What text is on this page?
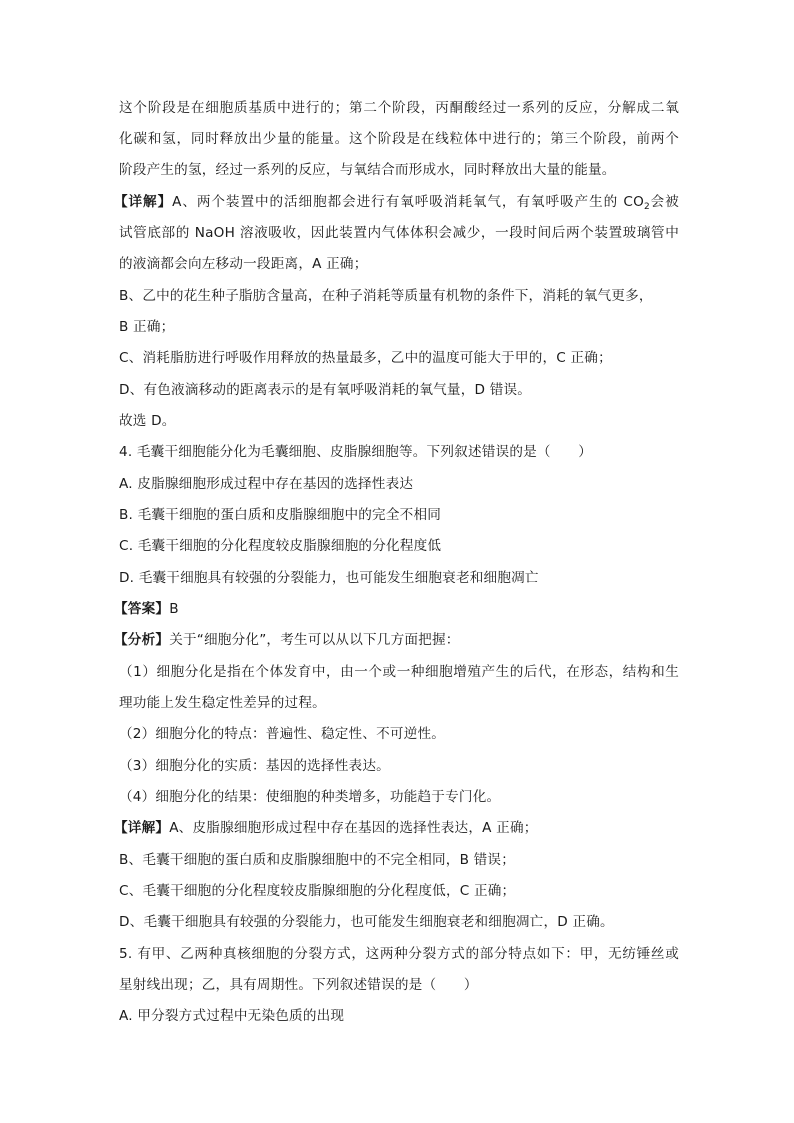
这个阶段是在细胞质基质中进行的；第二个阶段，丙酮酸经过一系列的反应，分解成二氧
化碳和氢，同时释放出少量的能量。这个阶段是在线粒体中进行的；第三个阶段，前两个
阶段产生的氢，经过一系列的反应，与氧结合而形成水，同时释放出大量的能量。
【详解】A、两个装置中的活细胞都会进行有氧呼吸消耗氧气，有氧呼吸产生的 $CO_2$会被
试管底部的 NaOH 溶液吸收，因此装置内气体体积会减少，一段时间后两个装置玻璃管中
的液滴都会向左移动一段距离，A 正确；
B、乙中的花生种子脂肪含量高，在种子消耗等质量有机物的条件下，消耗的氧气更多，
B 正确；
C、消耗脂肪进行呼吸作用释放的热量最多，乙中的温度可能大于甲的，C 正确；
D、有色液滴移动的距离表示的是有氧呼吸消耗的氧气量，D 错误。
故选 D。
4. 毛囊干细胞能分化为毛囊细胞、皮脂腺细胞等。下列叙述错误的是（　　）
A. 皮脂腺细胞形成过程中存在基因的选择性表达
B. 毛囊干细胞的蛋白质和皮脂腺细胞中的完全不相同
C. 毛囊干细胞的分化程度较皮脂腺细胞的分化程度低
D. 毛囊干细胞具有较强的分裂能力，也可能发生细胞衰老和细胞凋亡
【答案】B
【分析】关于“细胞分化”，考生可以从以下几方面把握：
（1）细胞分化是指在个体发育中，由一个或一种细胞增殖产生的后代，在形态，结构和生
理功能上发生稳定性差异的过程。
（2）细胞分化的特点：普遍性、稳定性、不可逆性。
（3）细胞分化的实质：基因的选择性表达。
（4）细胞分化的结果：使细胞的种类增多，功能趋于专门化。
【详解】A、皮脂腺细胞形成过程中存在基因的选择性表达，A 正确；
B、毛囊干细胞的蛋白质和皮脂腺细胞中的不完全相同，B 错误；
C、毛囊干细胞的分化程度较皮脂腺细胞的分化程度低，C 正确；
D、毛囊干细胞具有较强的分裂能力，也可能发生细胞衰老和细胞凋亡，D 正确。
5. 有甲、乙两种真核细胞的分裂方式，这两种分裂方式的部分特点如下：甲，无纺锤丝或
星射线出现；乙，具有周期性。下列叙述错误的是（　　）
A. 甲分裂方式过程中无染色质的出现
